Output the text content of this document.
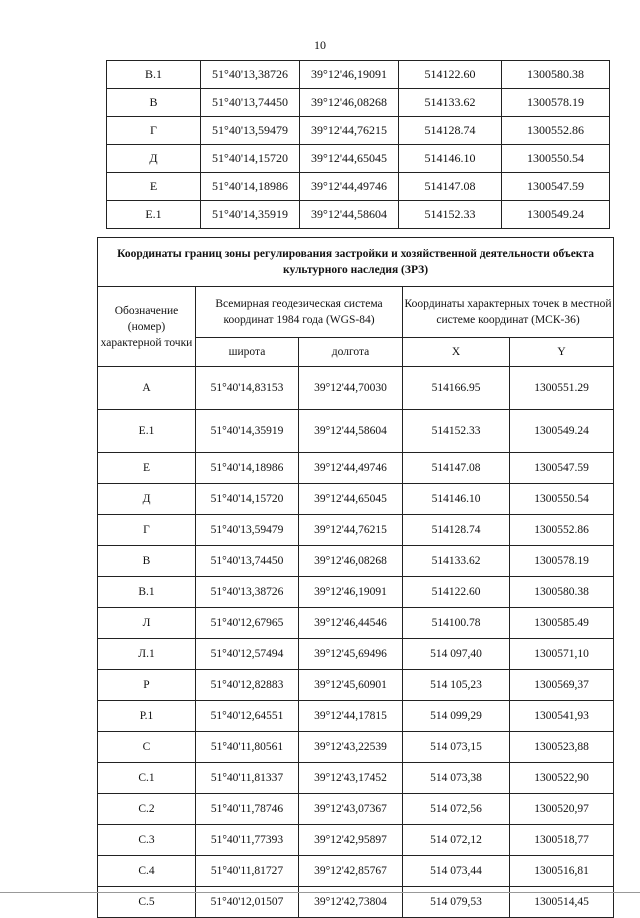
10
В.1	51°40'13,38726	39°12'46,19091	514122.60	1300580.38
В	51°40'13,74450	39°12'46,08268	514133.62	1300578.19
Г	51°40'13,59479	39°12'44,76215	514128.74	1300552.86
Д	51°40'14,15720	39°12'44,65045	514146.10	1300550.54
Е	51°40'14,18986	39°12'44,49746	514147.08	1300547.59
Е.1	51°40'14,35919	39°12'44,58604	514152.33	1300549.24
Координаты границ зоны регулирования застройки и хозяйственной деятельности объекта культурного наследия (ЗРЗ)				
Обозначение (номер) характерной точки	Всемирная геодезическая система координат 1984 года (WGS-84)		Координаты характерных точек в местной системе координат (МСК-36)	
	широта	долгота	X	Y
А	51°40'14,83153	39°12'44,70030	514166.95	1300551.29
Е.1	51°40'14,35919	39°12'44,58604	514152.33	1300549.24
Е	51°40'14,18986	39°12'44,49746	514147.08	1300547.59
Д	51°40'14,15720	39°12'44,65045	514146.10	1300550.54
Г	51°40'13,59479	39°12'44,76215	514128.74	1300552.86
В	51°40'13,74450	39°12'46,08268	514133.62	1300578.19
В.1	51°40'13,38726	39°12'46,19091	514122.60	1300580.38
Л	51°40'12,67965	39°12'46,44546	514100.78	1300585.49
Л.1	51°40'12,57494	39°12'45,69496	514 097,40	1300571,10
Р	51°40'12,82883	39°12'45,60901	514 105,23	1300569,37
Р.1	51°40'12,64551	39°12'44,17815	514 099,29	1300541,93
С	51°40'11,80561	39°12'43,22539	514 073,15	1300523,88
С.1	51°40'11,81337	39°12'43,17452	514 073,38	1300522,90
С.2	51°40'11,78746	39°12'43,07367	514 072,56	1300520,97
С.3	51°40'11,77393	39°12'42,95897	514 072,12	1300518,77
С.4	51°40'11,81727	39°12'42,85767	514 073,44	1300516,81
С.5	51°40'12,01507	39°12'42,73804	514 079,53	1300514,45
